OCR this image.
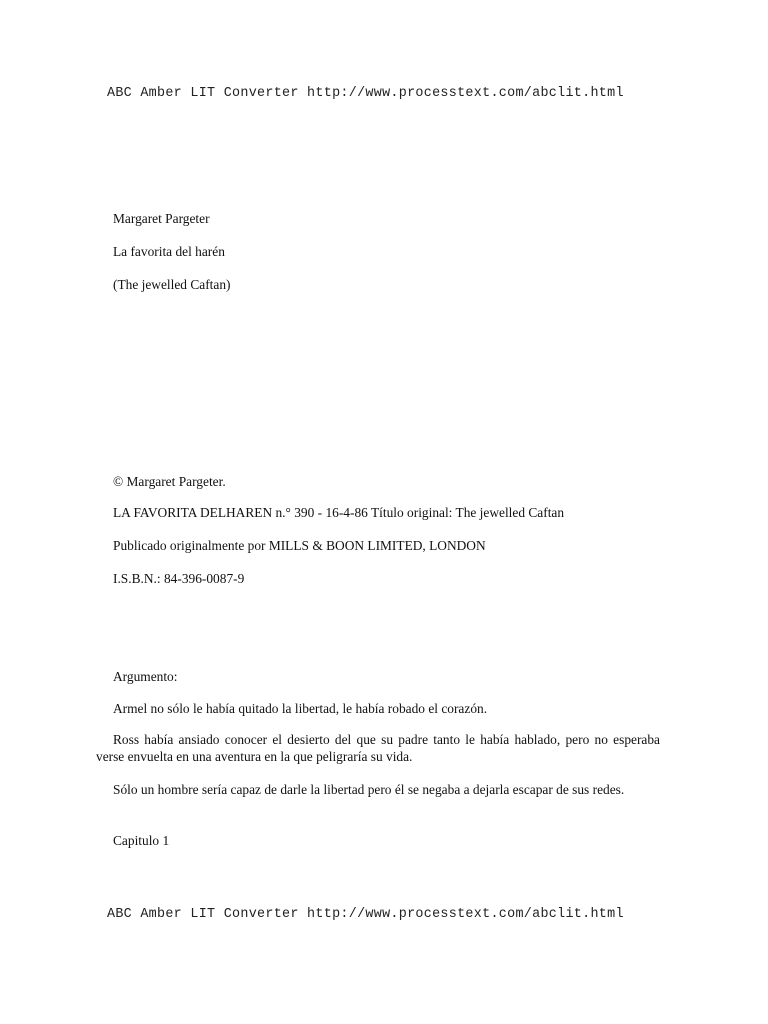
ABC Amber LIT Converter http://www.processtext.com/abclit.html
Margaret Pargeter
La favorita del harén
(The jewelled Caftan)
© Margaret Pargeter.
LA FAVORITA DELHAREN n.° 390 - 16-4-86 Título original: The jewelled Caftan
Publicado originalmente por MILLS & BOON LIMITED, LONDON
I.S.B.N.: 84-396-0087-9
Argumento:
Armel no sólo le había quitado la libertad, le había robado el corazón.
Ross había ansiado conocer el desierto del que su padre tanto le había hablado, pero no esperaba verse envuelta en una aventura en la que peligraría su vida.
Sólo un hombre sería capaz de darle la libertad pero él se negaba a dejarla escapar de sus redes.
Capitulo 1
ABC Amber LIT Converter http://www.processtext.com/abclit.html
